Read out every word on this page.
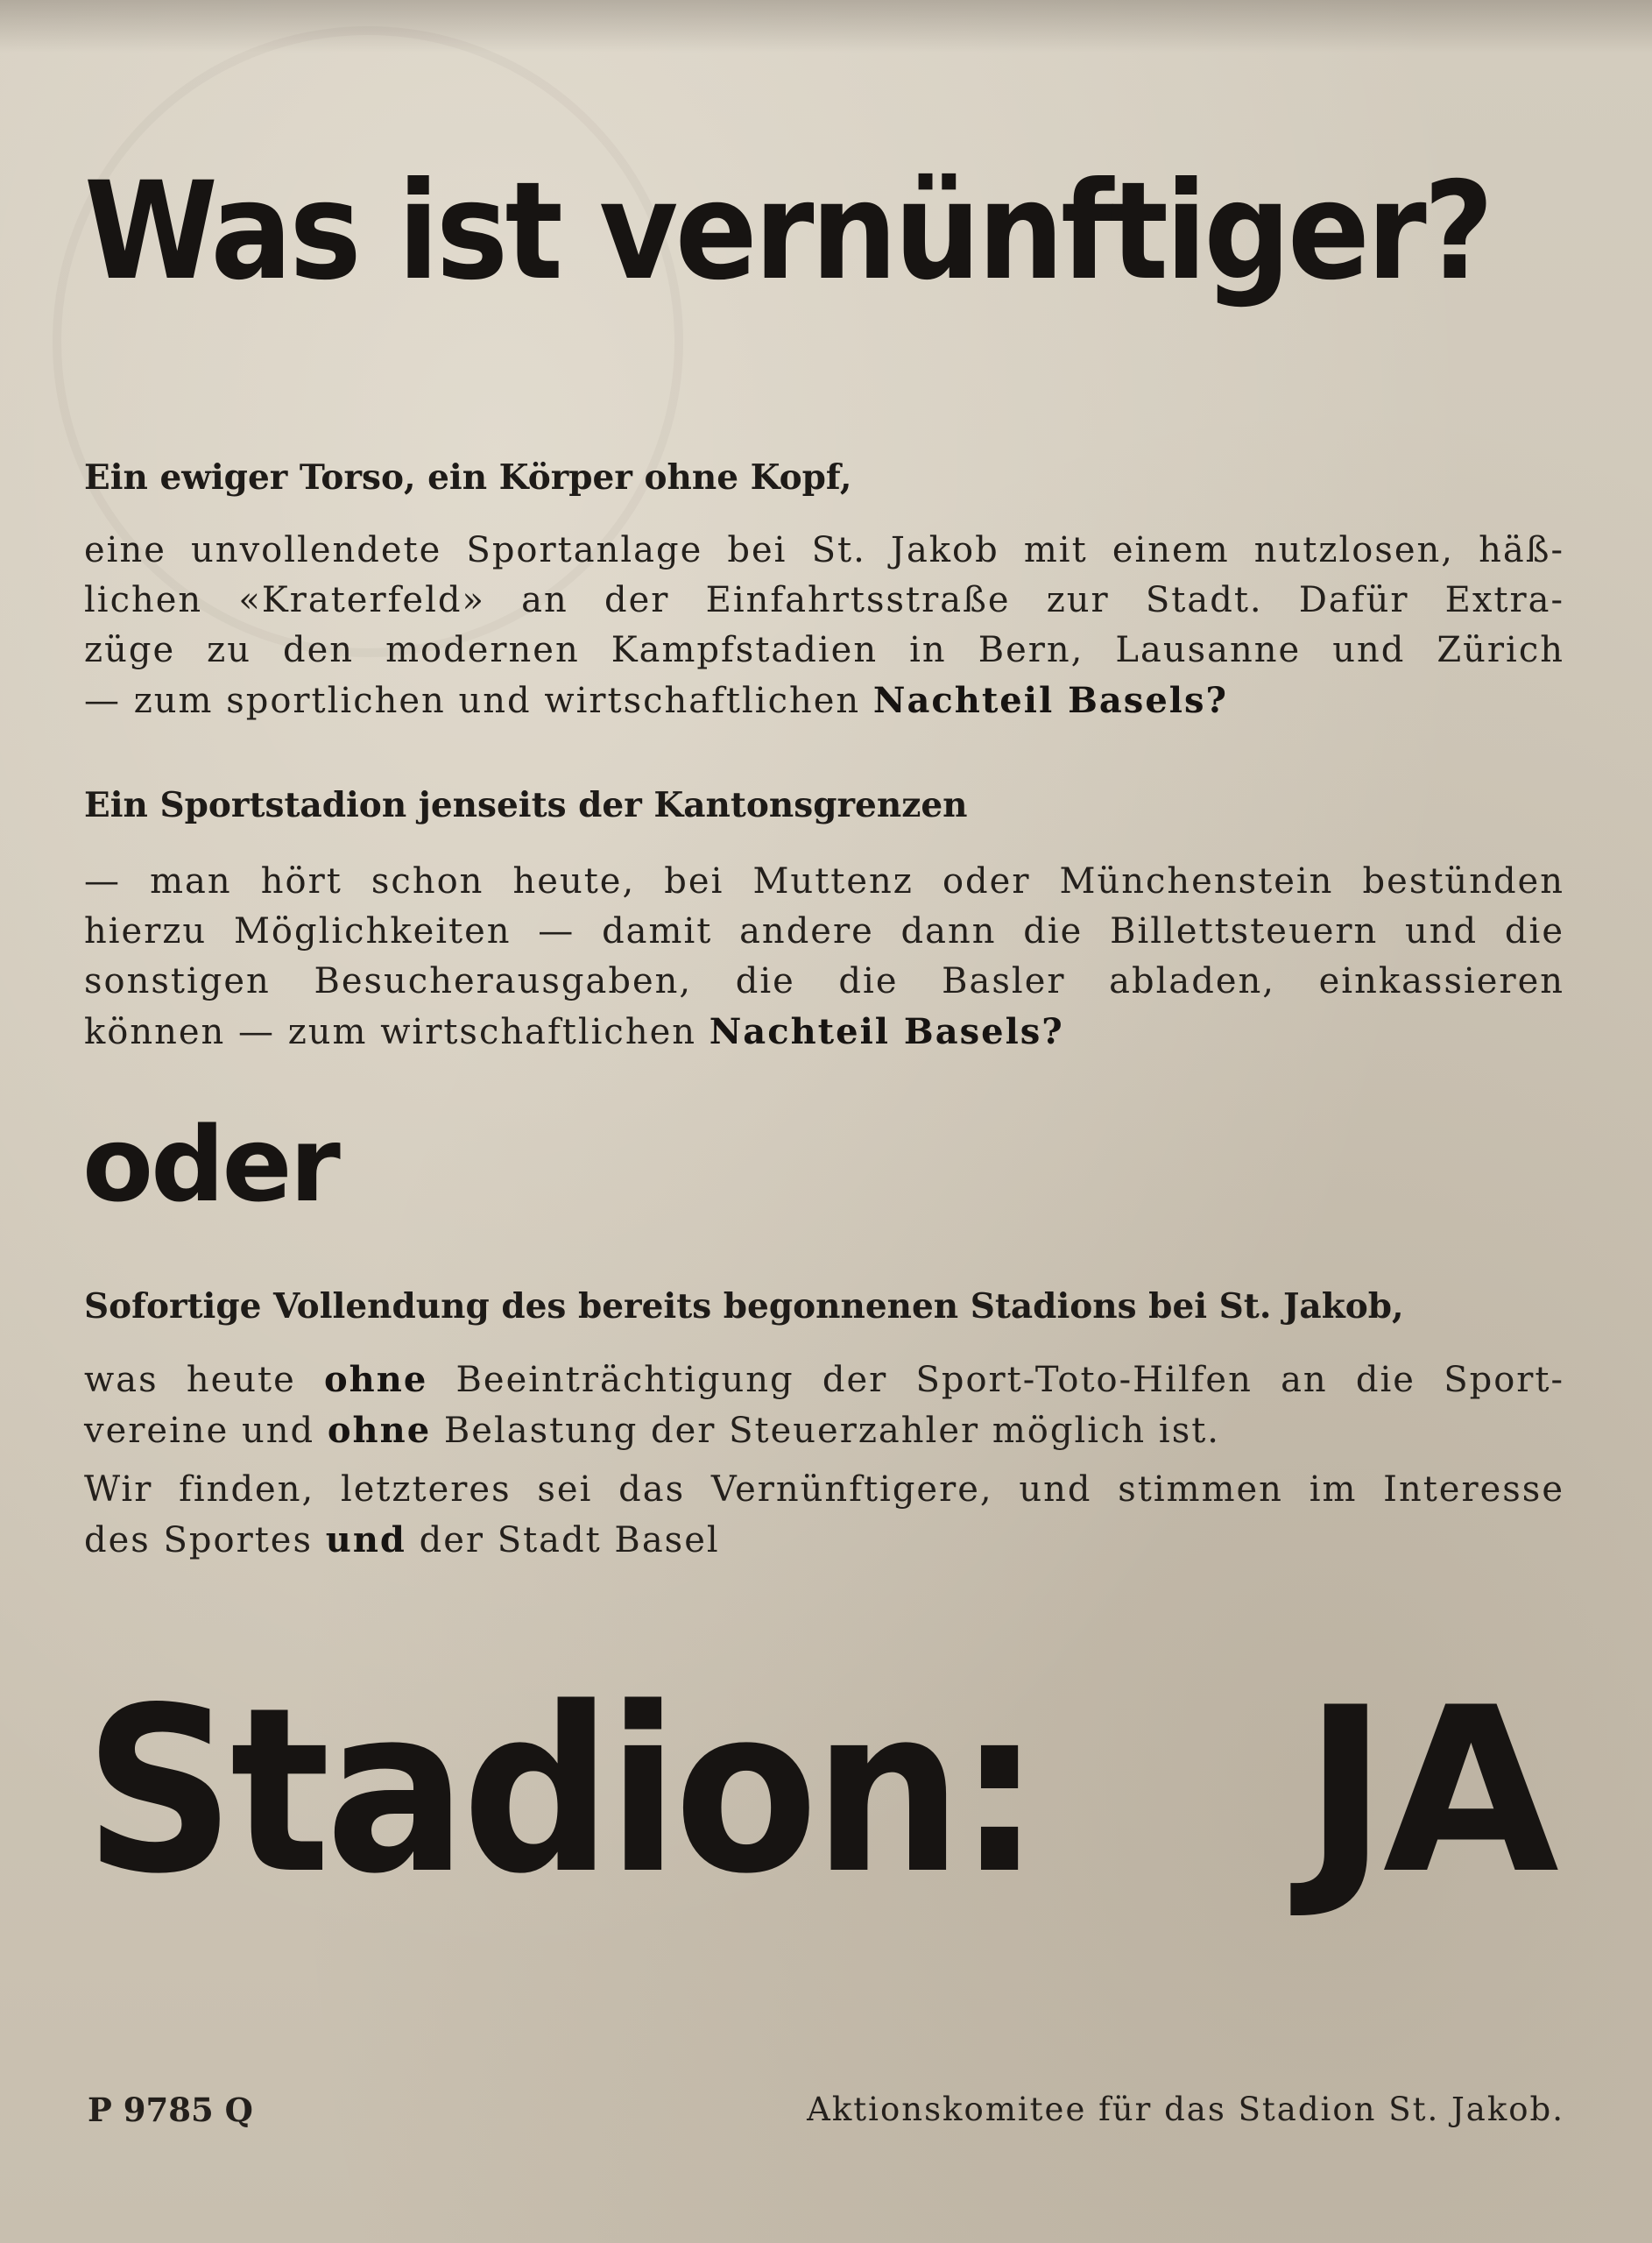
Was ist vernünftiger?
Ein ewiger Torso, ein Körper ohne Kopf,
eine unvollendete Sportanlage bei St. Jakob mit einem nutzlosen, häß-
lichen «Kraterfeld» an der Einfahrtsstraße zur Stadt. Dafür Extra-
züge zu den modernen Kampfstadien in Bern, Lausanne und Zürich
— zum sportlichen und wirtschaftlichen Nachteil Basels?
Ein Sportstadion jenseits der Kantonsgrenzen
— man hört schon heute, bei Muttenz oder Münchenstein bestünden
hierzu Möglichkeiten — damit andere dann die Billettsteuern und die
sonstigen Besucherausgaben, die die Basler abladen, einkassieren
können — zum wirtschaftlichen Nachteil Basels?
oder
Sofortige Vollendung des bereits begonnenen Stadions bei St. Jakob,
was heute ohne Beeinträchtigung der Sport-Toto-Hilfen an die Sport-
vereine und ohne Belastung der Steuerzahler möglich ist.
Wir finden, letzteres sei das Vernünftigere, und stimmen im Interesse
des Sportes und der Stadt Basel
Stadion: JA
P 9785 Q	Aktionskomitee für das Stadion St. Jakob.
